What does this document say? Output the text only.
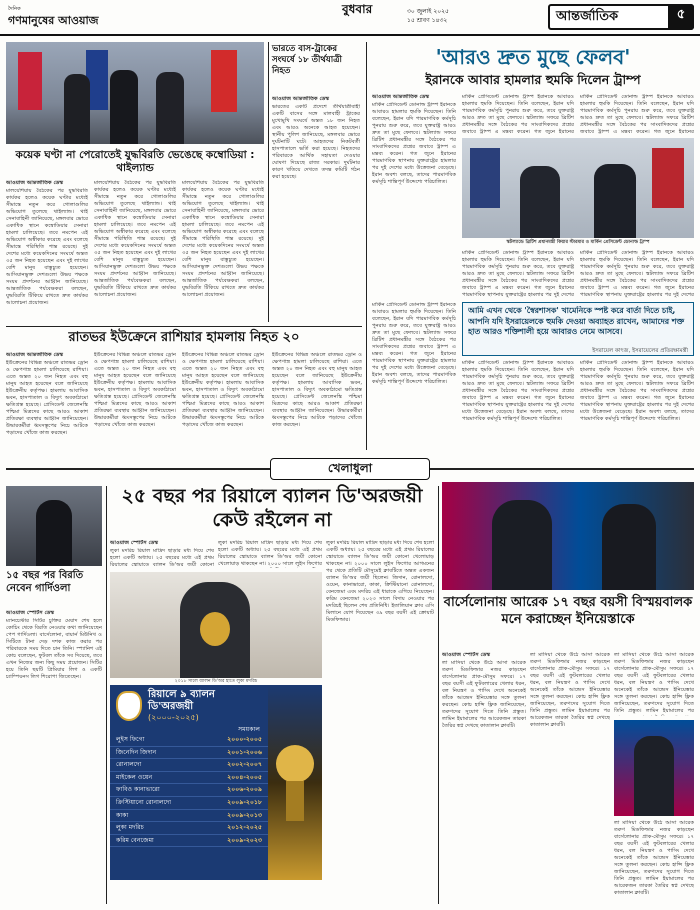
দৈনিক
গণমানুষের আওয়াজ
বুধবার	৩০ জুলাই ২০২৫
১৫ শ্রাবণ ১৪৩২	আন্তর্জাতিক	৫
কয়েক ঘণ্টা না পেরোতেই যুদ্ধবিরতি ভেঙেছে কম্বোডিয়া : থাইল্যান্ড
আওয়াজ আন্তর্জাতিক ডেস্ক
মালয়েশিয়ায় বৈঠকের পর যুদ্ধবিরতি কার্যকর হলেও কয়েক ঘণ্টার মধ্যেই সীমান্তে নতুন করে গোলাগুলির অভিযোগ তুলেছে থাইল্যান্ড। থাই সেনাবাহিনী জানিয়েছে, মঙ্গলবার ভোরে একাধিক স্থানে কম্বোডিয়ার সেনারা হামলা চালিয়েছে। তবে নমপেন এই অভিযোগ অস্বীকার করেছে এবং বলেছে সীমান্তে পরিস্থিতি শান্ত রয়েছে। দুই দেশের মধ্যে কয়েকদিনের সংঘর্ষে অন্তত ৩৫ জন নিহত হয়েছেন এবং দুই লাখের বেশি মানুষ বাস্তুচ্যুত হয়েছেন। আসিয়ানভুক্ত দেশগুলো উভয় পক্ষকে সংযম প্রদর্শনের আহ্বান জানিয়েছে। আন্তর্জাতিক পর্যবেক্ষকরা বলছেন, যুদ্ধবিরতি টিকিয়ে রাখতে দ্রুত কার্যকর আলোচনা প্রয়োজন।
মালয়েশিয়ায় বৈঠকের পর যুদ্ধবিরতি কার্যকর হলেও কয়েক ঘণ্টার মধ্যেই সীমান্তে নতুন করে গোলাগুলির অভিযোগ তুলেছে থাইল্যান্ড। থাই সেনাবাহিনী জানিয়েছে, মঙ্গলবার ভোরে একাধিক স্থানে কম্বোডিয়ার সেনারা হামলা চালিয়েছে। তবে নমপেন এই অভিযোগ অস্বীকার করেছে এবং বলেছে সীমান্তে পরিস্থিতি শান্ত রয়েছে। দুই দেশের মধ্যে কয়েকদিনের সংঘর্ষে অন্তত ৩৫ জন নিহত হয়েছেন এবং দুই লাখের বেশি মানুষ বাস্তুচ্যুত হয়েছেন। আসিয়ানভুক্ত দেশগুলো উভয় পক্ষকে সংযম প্রদর্শনের আহ্বান জানিয়েছে। আন্তর্জাতিক পর্যবেক্ষকরা বলছেন, যুদ্ধবিরতি টিকিয়ে রাখতে দ্রুত কার্যকর আলোচনা প্রয়োজন।
মালয়েশিয়ায় বৈঠকের পর যুদ্ধবিরতি কার্যকর হলেও কয়েক ঘণ্টার মধ্যেই সীমান্তে নতুন করে গোলাগুলির অভিযোগ তুলেছে থাইল্যান্ড। থাই সেনাবাহিনী জানিয়েছে, মঙ্গলবার ভোরে একাধিক স্থানে কম্বোডিয়ার সেনারা হামলা চালিয়েছে। তবে নমপেন এই অভিযোগ অস্বীকার করেছে এবং বলেছে সীমান্তে পরিস্থিতি শান্ত রয়েছে। দুই দেশের মধ্যে কয়েকদিনের সংঘর্ষে অন্তত ৩৫ জন নিহত হয়েছেন এবং দুই লাখের বেশি মানুষ বাস্তুচ্যুত হয়েছেন। আসিয়ানভুক্ত দেশগুলো উভয় পক্ষকে সংযম প্রদর্শনের আহ্বান জানিয়েছে। আন্তর্জাতিক পর্যবেক্ষকরা বলছেন, যুদ্ধবিরতি টিকিয়ে রাখতে দ্রুত কার্যকর আলোচনা প্রয়োজন।
ভারতে বাস-ট্রাকের সংঘর্ষে ১৮ তীর্থযাত্রী নিহত
আওয়াজ আন্তর্জাতিক ডেস্ক
ভারতের একটি প্রদেশে তীর্থযাত্রীবাহী একটি বাসের সঙ্গে মালবাহী ট্রাকের মুখোমুখি সংঘর্ষে অন্তত ১৮ জন নিহত এবং আরও অনেকে আহত হয়েছেন। স্থানীয় পুলিশ জানিয়েছে, মঙ্গলবার ভোরে দুর্ঘটনাটি ঘটে। আহতদের নিকটবর্তী হাসপাতালে ভর্তি করা হয়েছে। নিহতদের পরিবারকে আর্থিক সহায়তা দেওয়ার ঘোষণা দিয়েছে রাজ্য সরকার। দুর্ঘটনার কারণ খতিয়ে দেখতে তদন্ত কমিটি গঠন করা হয়েছে।
রাতভর ইউক্রেনে রাশিয়ার হামলায় নিহত ২০
আওয়াজ আন্তর্জাতিক ডেস্ক
ইউক্রেনের বিভিন্ন অঞ্চলে রাতভর ড্রোন ও ক্ষেপণাস্ত্র হামলা চালিয়েছে রাশিয়া। এতে অন্তত ২০ জন নিহত এবং বহু মানুষ আহত হয়েছেন বলে জানিয়েছে ইউক্রেনীয় কর্তৃপক্ষ। হামলায় আবাসিক ভবন, হাসপাতাল ও বিদ্যুৎ অবকাঠামো ক্ষতিগ্রস্ত হয়েছে। প্রেসিডেন্ট জেলেনস্কি পশ্চিমা মিত্রদের কাছে আরও আকাশ প্রতিরক্ষা ব্যবস্থার আহ্বান জানিয়েছেন। উদ্ধারকর্মীরা ধ্বংসস্তূপের নিচে আটকে পড়াদের খোঁজে কাজ করছেন।
ইউক্রেনের বিভিন্ন অঞ্চলে রাতভর ড্রোন ও ক্ষেপণাস্ত্র হামলা চালিয়েছে রাশিয়া। এতে অন্তত ২০ জন নিহত এবং বহু মানুষ আহত হয়েছেন বলে জানিয়েছে ইউক্রেনীয় কর্তৃপক্ষ। হামলায় আবাসিক ভবন, হাসপাতাল ও বিদ্যুৎ অবকাঠামো ক্ষতিগ্রস্ত হয়েছে। প্রেসিডেন্ট জেলেনস্কি পশ্চিমা মিত্রদের কাছে আরও আকাশ প্রতিরক্ষা ব্যবস্থার আহ্বান জানিয়েছেন। উদ্ধারকর্মীরা ধ্বংসস্তূপের নিচে আটকে পড়াদের খোঁজে কাজ করছেন।
ইউক্রেনের বিভিন্ন অঞ্চলে রাতভর ড্রোন ও ক্ষেপণাস্ত্র হামলা চালিয়েছে রাশিয়া। এতে অন্তত ২০ জন নিহত এবং বহু মানুষ আহত হয়েছেন বলে জানিয়েছে ইউক্রেনীয় কর্তৃপক্ষ। হামলায় আবাসিক ভবন, হাসপাতাল ও বিদ্যুৎ অবকাঠামো ক্ষতিগ্রস্ত হয়েছে। প্রেসিডেন্ট জেলেনস্কি পশ্চিমা মিত্রদের কাছে আরও আকাশ প্রতিরক্ষা ব্যবস্থার আহ্বান জানিয়েছেন। উদ্ধারকর্মীরা ধ্বংসস্তূপের নিচে আটকে পড়াদের খোঁজে কাজ করছেন।
ইউক্রেনের বিভিন্ন অঞ্চলে রাতভর ড্রোন ও ক্ষেপণাস্ত্র হামলা চালিয়েছে রাশিয়া। এতে অন্তত ২০ জন নিহত এবং বহু মানুষ আহত হয়েছেন বলে জানিয়েছে ইউক্রেনীয় কর্তৃপক্ষ। হামলায় আবাসিক ভবন, হাসপাতাল ও বিদ্যুৎ অবকাঠামো ক্ষতিগ্রস্ত হয়েছে। প্রেসিডেন্ট জেলেনস্কি পশ্চিমা মিত্রদের কাছে আরও আকাশ প্রতিরক্ষা ব্যবস্থার আহ্বান জানিয়েছেন। উদ্ধারকর্মীরা ধ্বংসস্তূপের নিচে আটকে পড়াদের খোঁজে কাজ করছেন।
'আরও দ্রুত মুছে ফেলব'
ইরানকে আবার হামলার হুমকি দিলেন ট্রাম্প
আওয়াজ আন্তর্জাতিক ডেস্ক
মার্কিন প্রেসিডেন্ট ডোনাল্ড ট্রাম্প ইরানকে আবারও হামলার হুমকি দিয়েছেন। তিনি বলেছেন, ইরান যদি পারমাণবিক কর্মসূচি পুনরায় শুরু করে, তবে যুক্তরাষ্ট্র আরও দ্রুত তা মুছে ফেলবে। স্কটল্যান্ড সফরে ব্রিটিশ প্রধানমন্ত্রীর সঙ্গে বৈঠকের পর সাংবাদিকদের প্রশ্নের জবাবে ট্রাম্প এ মন্তব্য করেন। গত জুনে ইরানের পারমাণবিক স্থাপনায় যুক্তরাষ্ট্রের হামলার পর দুই দেশের মধ্যে উত্তেজনা বেড়েছে। ইরান অবশ্য বলছে, তাদের পারমাণবিক কর্মসূচি শান্তিপূর্ণ উদ্দেশ্যে পরিচালিত।
মার্কিন প্রেসিডেন্ট ডোনাল্ড ট্রাম্প ইরানকে আবারও হামলার হুমকি দিয়েছেন। তিনি বলেছেন, ইরান যদি পারমাণবিক কর্মসূচি পুনরায় শুরু করে, তবে যুক্তরাষ্ট্র আরও দ্রুত তা মুছে ফেলবে। স্কটল্যান্ড সফরে ব্রিটিশ প্রধানমন্ত্রীর সঙ্গে বৈঠকের পর সাংবাদিকদের প্রশ্নের জবাবে ট্রাম্প এ মন্তব্য করেন। গত জুনে ইরানের
মার্কিন প্রেসিডেন্ট ডোনাল্ড ট্রাম্প ইরানকে আবারও হামলার হুমকি দিয়েছেন। তিনি বলেছেন, ইরান যদি পারমাণবিক কর্মসূচি পুনরায় শুরু করে, তবে যুক্তরাষ্ট্র আরও দ্রুত তা মুছে ফেলবে। স্কটল্যান্ড সফরে ব্রিটিশ প্রধানমন্ত্রীর সঙ্গে বৈঠকের পর সাংবাদিকদের প্রশ্নের জবাবে ট্রাম্প এ মন্তব্য করেন। গত জুনে ইরানের
স্কটল্যান্ডে ব্রিটিশ প্রধানমন্ত্রী কিয়ার স্টারমার ও মার্কিন প্রেসিডেন্ট ডোনাল্ড ট্রাম্প
মার্কিন প্রেসিডেন্ট ডোনাল্ড ট্রাম্প ইরানকে আবারও হামলার হুমকি দিয়েছেন। তিনি বলেছেন, ইরান যদি পারমাণবিক কর্মসূচি পুনরায় শুরু করে, তবে যুক্তরাষ্ট্র আরও দ্রুত তা মুছে ফেলবে। স্কটল্যান্ড সফরে ব্রিটিশ প্রধানমন্ত্রীর সঙ্গে বৈঠকের পর সাংবাদিকদের প্রশ্নের জবাবে ট্রাম্প এ মন্তব্য করেন। গত জুনে ইরানের পারমাণবিক স্থাপনায় যুক্তরাষ্ট্রের হামলার পর দুই দেশের
মার্কিন প্রেসিডেন্ট ডোনাল্ড ট্রাম্প ইরানকে আবারও হামলার হুমকি দিয়েছেন। তিনি বলেছেন, ইরান যদি পারমাণবিক কর্মসূচি পুনরায় শুরু করে, তবে যুক্তরাষ্ট্র আরও দ্রুত তা মুছে ফেলবে। স্কটল্যান্ড সফরে ব্রিটিশ প্রধানমন্ত্রীর সঙ্গে বৈঠকের পর সাংবাদিকদের প্রশ্নের জবাবে ট্রাম্প এ মন্তব্য করেন। গত জুনে ইরানের পারমাণবিক স্থাপনায় যুক্তরাষ্ট্রের হামলার পর দুই দেশের
আমি এখন থেকে 'স্বৈরশাসক' খামেনিকে স্পষ্ট করে বার্তা দিতে চাই, আপনি যদি ইসরায়েলকে হুমকি দেওয়া অব্যাহত রাখেন, আমাদের শক্ত হাত আরও শক্তিশালী হয়ে আবারও নেমে আসবে।
ইসরায়েল কাৎজ, ইসরায়েলের প্রতিরক্ষামন্ত্রী
মার্কিন প্রেসিডেন্ট ডোনাল্ড ট্রাম্প ইরানকে আবারও হামলার হুমকি দিয়েছেন। তিনি বলেছেন, ইরান যদি পারমাণবিক কর্মসূচি পুনরায় শুরু করে, তবে যুক্তরাষ্ট্র আরও দ্রুত তা মুছে ফেলবে। স্কটল্যান্ড সফরে ব্রিটিশ প্রধানমন্ত্রীর সঙ্গে বৈঠকের পর সাংবাদিকদের প্রশ্নের জবাবে ট্রাম্প এ মন্তব্য করেন। গত জুনে ইরানের পারমাণবিক স্থাপনায় যুক্তরাষ্ট্রের হামলার পর দুই দেশের মধ্যে উত্তেজনা বেড়েছে। ইরান অবশ্য বলছে, তাদের পারমাণবিক কর্মসূচি শান্তিপূর্ণ উদ্দেশ্যে পরিচালিত।
মার্কিন প্রেসিডেন্ট ডোনাল্ড ট্রাম্প ইরানকে আবারও হামলার হুমকি দিয়েছেন। তিনি বলেছেন, ইরান যদি পারমাণবিক কর্মসূচি পুনরায় শুরু করে, তবে যুক্তরাষ্ট্র আরও দ্রুত তা মুছে ফেলবে। স্কটল্যান্ড সফরে ব্রিটিশ প্রধানমন্ত্রীর সঙ্গে বৈঠকের পর সাংবাদিকদের প্রশ্নের জবাবে ট্রাম্প এ মন্তব্য করেন। গত জুনে ইরানের পারমাণবিক স্থাপনায় যুক্তরাষ্ট্রের হামলার পর দুই দেশের মধ্যে উত্তেজনা বেড়েছে। ইরান অবশ্য বলছে, তাদের পারমাণবিক কর্মসূচি শান্তিপূর্ণ উদ্দেশ্যে পরিচালিত।
মার্কিন প্রেসিডেন্ট ডোনাল্ড ট্রাম্প ইরানকে আবারও হামলার হুমকি দিয়েছেন। তিনি বলেছেন, ইরান যদি পারমাণবিক কর্মসূচি পুনরায় শুরু করে, তবে যুক্তরাষ্ট্র আরও দ্রুত তা মুছে ফেলবে। স্কটল্যান্ড সফরে ব্রিটিশ প্রধানমন্ত্রীর সঙ্গে বৈঠকের পর সাংবাদিকদের প্রশ্নের জবাবে ট্রাম্প এ মন্তব্য করেন। গত জুনে ইরানের পারমাণবিক স্থাপনায় যুক্তরাষ্ট্রের হামলার পর দুই দেশের মধ্যে উত্তেজনা বেড়েছে। ইরান অবশ্য বলছে, তাদের পারমাণবিক কর্মসূচি শান্তিপূর্ণ উদ্দেশ্যে পরিচালিত।
খেলাধুলা
১৫ বছর পর বিরতি নেবেন গার্দিওলা
আওয়াজ স্পোর্টস ডেস্ক
ম্যানচেস্টার সিটির চুক্তির মেয়াদ শেষ হলে কোচিং থেকে বিরতি নেওয়ার কথা জানিয়েছেন পেপ গার্দিওলা। বার্সেলোনা, বায়ার্ন মিউনিখ ও সিটিতে টানা দেড় দশক কাজ করার পর পরিবারকে সময় দিতে চান তিনি। স্প্যানিশ এই কোচ বলেছেন, ফুটবল তাঁকে সব দিয়েছে, তবে এখন নিজের জন্য কিছু সময় প্রয়োজন। সিটির হয়ে তিনি ছয়টি প্রিমিয়ার লিগ ও একটি চ্যাম্পিয়নস লিগ শিরোপা জিতেছেন।
২৫ বছর পর রিয়ালে ব্যালন ডি'অরজয়ী কেউ রইলেন না
আওয়াজ স্পোর্টস ডেস্ক
লুকা মদরিচ রিয়াল মাদ্রিদ ছাড়ার মধ্য দিয়ে শেষ হলো একটি অধ্যায়। ২৫ বছরের মধ্যে এই প্রথম রিয়ালের স্কোয়াডে ব্যালন ডি'অর জয়ী কোনো
লুকা মদরিচ রিয়াল মাদ্রিদ ছাড়ার মধ্য দিয়ে শেষ হলো একটি অধ্যায়। ২৫ বছরের মধ্যে এই প্রথম রিয়ালের স্কোয়াডে ব্যালন ডি'অর জয়ী কোনো খেলোয়াড় থাকছেন না। ২০০০ সালে লুইস ফিগোর
লুকা মদরিচ রিয়াল মাদ্রিদ ছাড়ার মধ্য দিয়ে শেষ হলো একটি অধ্যায়। ২৫ বছরের মধ্যে এই প্রথম রিয়ালের স্কোয়াডে ব্যালন ডি'অর জয়ী কোনো খেলোয়াড় থাকছেন না। ২০০০ সালে লুইস ফিগোর আগমনের পর থেকে প্রতিটি মৌসুমেই ক্লাবটিতে অন্তত একজন ব্যালন ডি'অর জয়ী ছিলেন। জিদান, রোনালদো, ওয়েন, কানাভারো, কাকা, ক্রিস্টিয়ানো রোনালদো, বেনজেমা এবং মদরিচ এই ধারাকে এগিয়ে নিয়েছেন। করিম বেনজেমা ২০২৩ সালে বিদায় নেওয়ার পর মদরিচই ছিলেন শেষ প্রতিনিধি। ইতালিয়ান ক্লাব এসি মিলানে যোগ দিয়েছেন ৩৯ বছর বয়সী এই ক্রোয়াট মিডফিল্ডার।
২০১৮ সালে ব্যালন ডি'অর হাতে লুকা মদরিচ
রিয়ালে ৯ ব্যালন
ডি'অরজয়ী
(২০০০-২০২৫)
সময়কাল
লুইস ফিগো	২০০০-২০০৫
জিনেদিন জিদান	২০০১-২০০৬
রোনালদো	২০০২-২০০৭
মাইকেল ওয়েন	২০০৪-২০০৫
ফাবিও কানাভারো	২০০৬-২০০৯
ক্রিস্টিয়ানো রোনালদো	২০০৯-২০১৮
কাকা	২০০৯-২০১৩
লুকা মদরিচ	২০১২-২০২৫
করিম বেনজেমা	২০০৯-২০২৩
বার্সেলোনায় আরেক ১৭ বছর বয়সী বিস্ময়বালক মনে করাচ্ছেন ইনিয়েস্তাকে
আওয়াজ স্পোর্টস ডেস্ক
লা মাসিয়া থেকে উঠে আসা আরেক তরুণ মিডফিল্ডার নজর কাড়ছেন বার্সেলোনার প্রাক-মৌসুম সফরে। ১৭ বছর বয়সী এই ফুটবলারের খেলার ধরন, বল নিয়ন্ত্রণ ও পাসিং দেখে অনেকেই তাঁকে আন্দ্রেস ইনিয়েস্তার সঙ্গে তুলনা করছেন। কোচ হান্সি ফ্লিক জানিয়েছেন, তরুণদের সুযোগ দিতে তিনি প্রস্তুত। লামিন ইয়ামালের পর আরেকজন তারকা তৈরির স্বপ্ন দেখছে কাতালান ক্লাবটি।
লা মাসিয়া থেকে উঠে আসা আরেক তরুণ মিডফিল্ডার নজর কাড়ছেন বার্সেলোনার প্রাক-মৌসুম সফরে। ১৭ বছর বয়সী এই ফুটবলারের খেলার ধরন, বল নিয়ন্ত্রণ ও পাসিং দেখে অনেকেই তাঁকে আন্দ্রেস ইনিয়েস্তার সঙ্গে তুলনা করছেন। কোচ হান্সি ফ্লিক জানিয়েছেন, তরুণদের সুযোগ দিতে তিনি প্রস্তুত। লামিন ইয়ামালের পর আরেকজন তারকা তৈরির স্বপ্ন দেখছে কাতালান ক্লাবটি।
লা মাসিয়া থেকে উঠে আসা আরেক তরুণ মিডফিল্ডার নজর কাড়ছেন বার্সেলোনার প্রাক-মৌসুম সফরে। ১৭ বছর বয়সী এই ফুটবলারের খেলার ধরন, বল নিয়ন্ত্রণ ও পাসিং দেখে অনেকেই তাঁকে আন্দ্রেস ইনিয়েস্তার সঙ্গে তুলনা করছেন। কোচ হান্সি ফ্লিক জানিয়েছেন, তরুণদের সুযোগ দিতে তিনি প্রস্তুত। লামিন ইয়ামালের পর
লা মাসিয়া থেকে উঠে আসা আরেক তরুণ মিডফিল্ডার নজর কাড়ছেন বার্সেলোনার প্রাক-মৌসুম সফরে। ১৭ বছর বয়সী এই ফুটবলারের খেলার ধরন, বল নিয়ন্ত্রণ ও পাসিং দেখে অনেকেই তাঁকে আন্দ্রেস ইনিয়েস্তার সঙ্গে তুলনা করছেন। কোচ হান্সি ফ্লিক জানিয়েছেন, তরুণদের সুযোগ দিতে তিনি প্রস্তুত। লামিন ইয়ামালের পর আরেকজন তারকা তৈরির স্বপ্ন দেখছে কাতালান ক্লাবটি।
